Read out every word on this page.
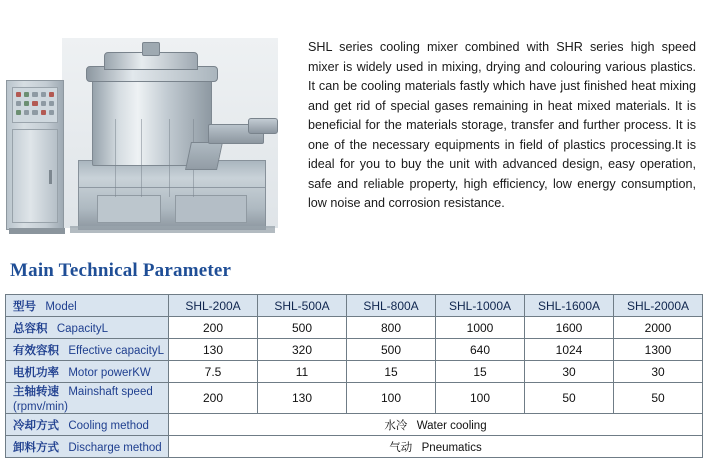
SHL series cooling mixer combined with SHR series high speed mixer is widely used in mixing, drying and colouring various plastics. It can be cooling materials fastly which have just finished heat mixing and get rid of special gases remaining in heat mixed materials. It is beneficial for the materials storage, transfer and further process. It is one of the necessary equipments in field of plastics processing.It is ideal for you to buy the unit with advanced design, easy operation, safe and reliable property, high efficiency, low energy consumption, low noise and corrosion resistance.

Main Technical Parameter
型号 Model	SHL-200A	SHL-500A	SHL-800A	SHL-1000A	SHL-1600A	SHL-2000A
总容积 CapacityL	200	500	800	1000	1600	2000
有效容积 Effective capacityL	130	320	500	640	1024	1300
电机功率 Motor powerKW	7.5	11	15	15	30	30
主轴转速 Mainshaft speed (rpmv/min)	200	130	100	100	50	50
冷却方式 Cooling method	水冷 Water cooling					
卸料方式 Discharge method	气动 Pneumatics					
